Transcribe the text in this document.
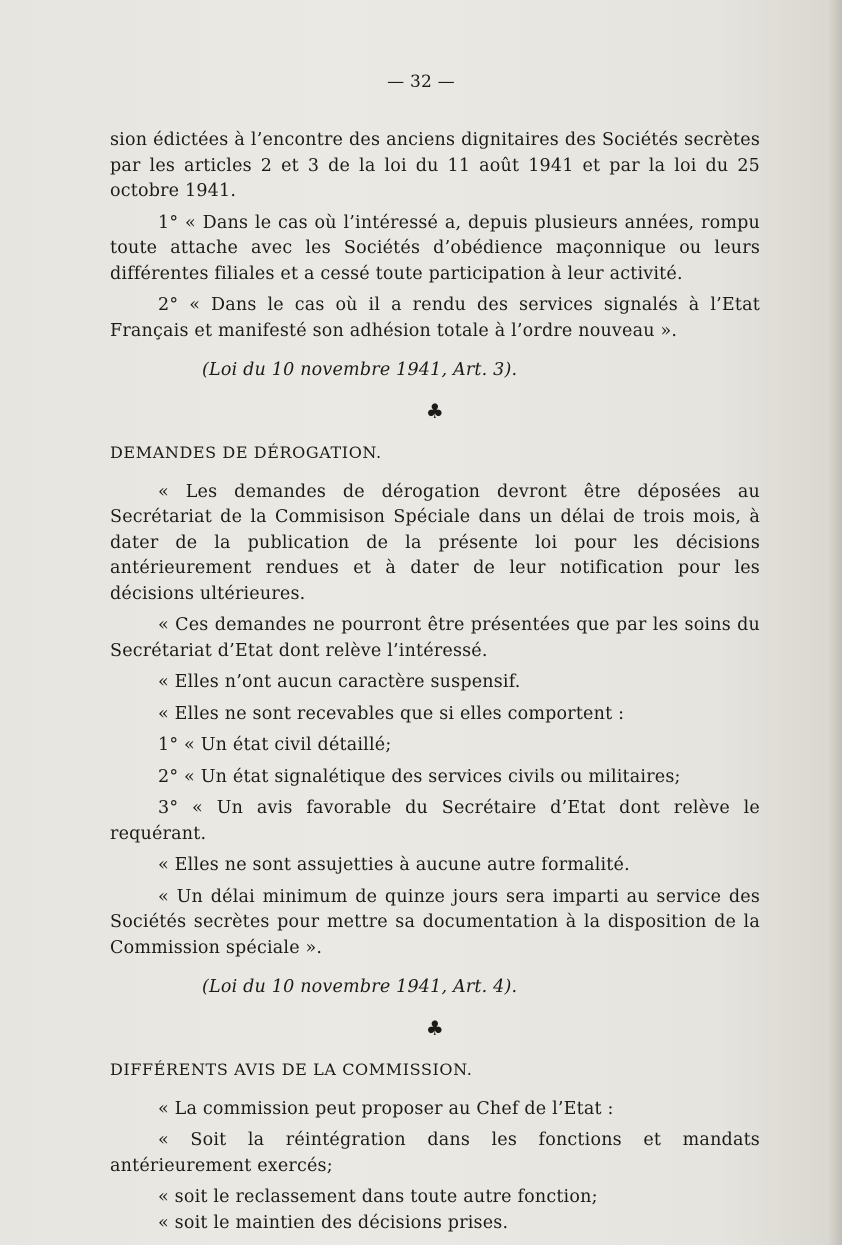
— 32 —

sion édictées à l’encontre des anciens dignitaires des Sociétés secrètes par les articles 2 et 3 de la loi du 11 août 1941 et par la loi du 25 octobre 1941.

1° « Dans le cas où l’intéressé a, depuis plusieurs années, rompu toute attache avec les Sociétés d’obédience maçonnique ou leurs différentes filiales et a cessé toute participation à leur activité.

2° « Dans le cas où il a rendu des services signalés à l’Etat Français et manifesté son adhésion totale à l’ordre nouveau ».

(Loi du 10 novembre 1941, Art. 3).

♣
DEMANDES DE DÉROGATION.

« Les demandes de dérogation devront être déposées au Secrétariat de la Commisison Spéciale dans un délai de trois mois, à dater de la publication de la présente loi pour les décisions antérieurement rendues et à dater de leur notification pour les décisions ultérieures.

« Ces demandes ne pourront être présentées que par les soins du Secrétariat d’Etat dont relève l’intéressé.

« Elles n’ont aucun caractère suspensif.

« Elles ne sont recevables que si elles comportent :

1° « Un état civil détaillé;

2° « Un état signalétique des services civils ou militaires;

3° « Un avis favorable du Secrétaire d’Etat dont relève le requérant.

« Elles ne sont assujetties à aucune autre formalité.

« Un délai minimum de quinze jours sera imparti au service des Sociétés secrètes pour mettre sa documentation à la disposition de la Commission spéciale ».

(Loi du 10 novembre 1941, Art. 4).

♣
DIFFÉRENTS AVIS DE LA COMMISSION.

« La commission peut proposer au Chef de l’Etat :

« Soit la réintégration dans les fonctions et mandats antérieurement exercés;

« soit le reclassement dans toute autre fonction;

« soit le maintien des décisions prises.
